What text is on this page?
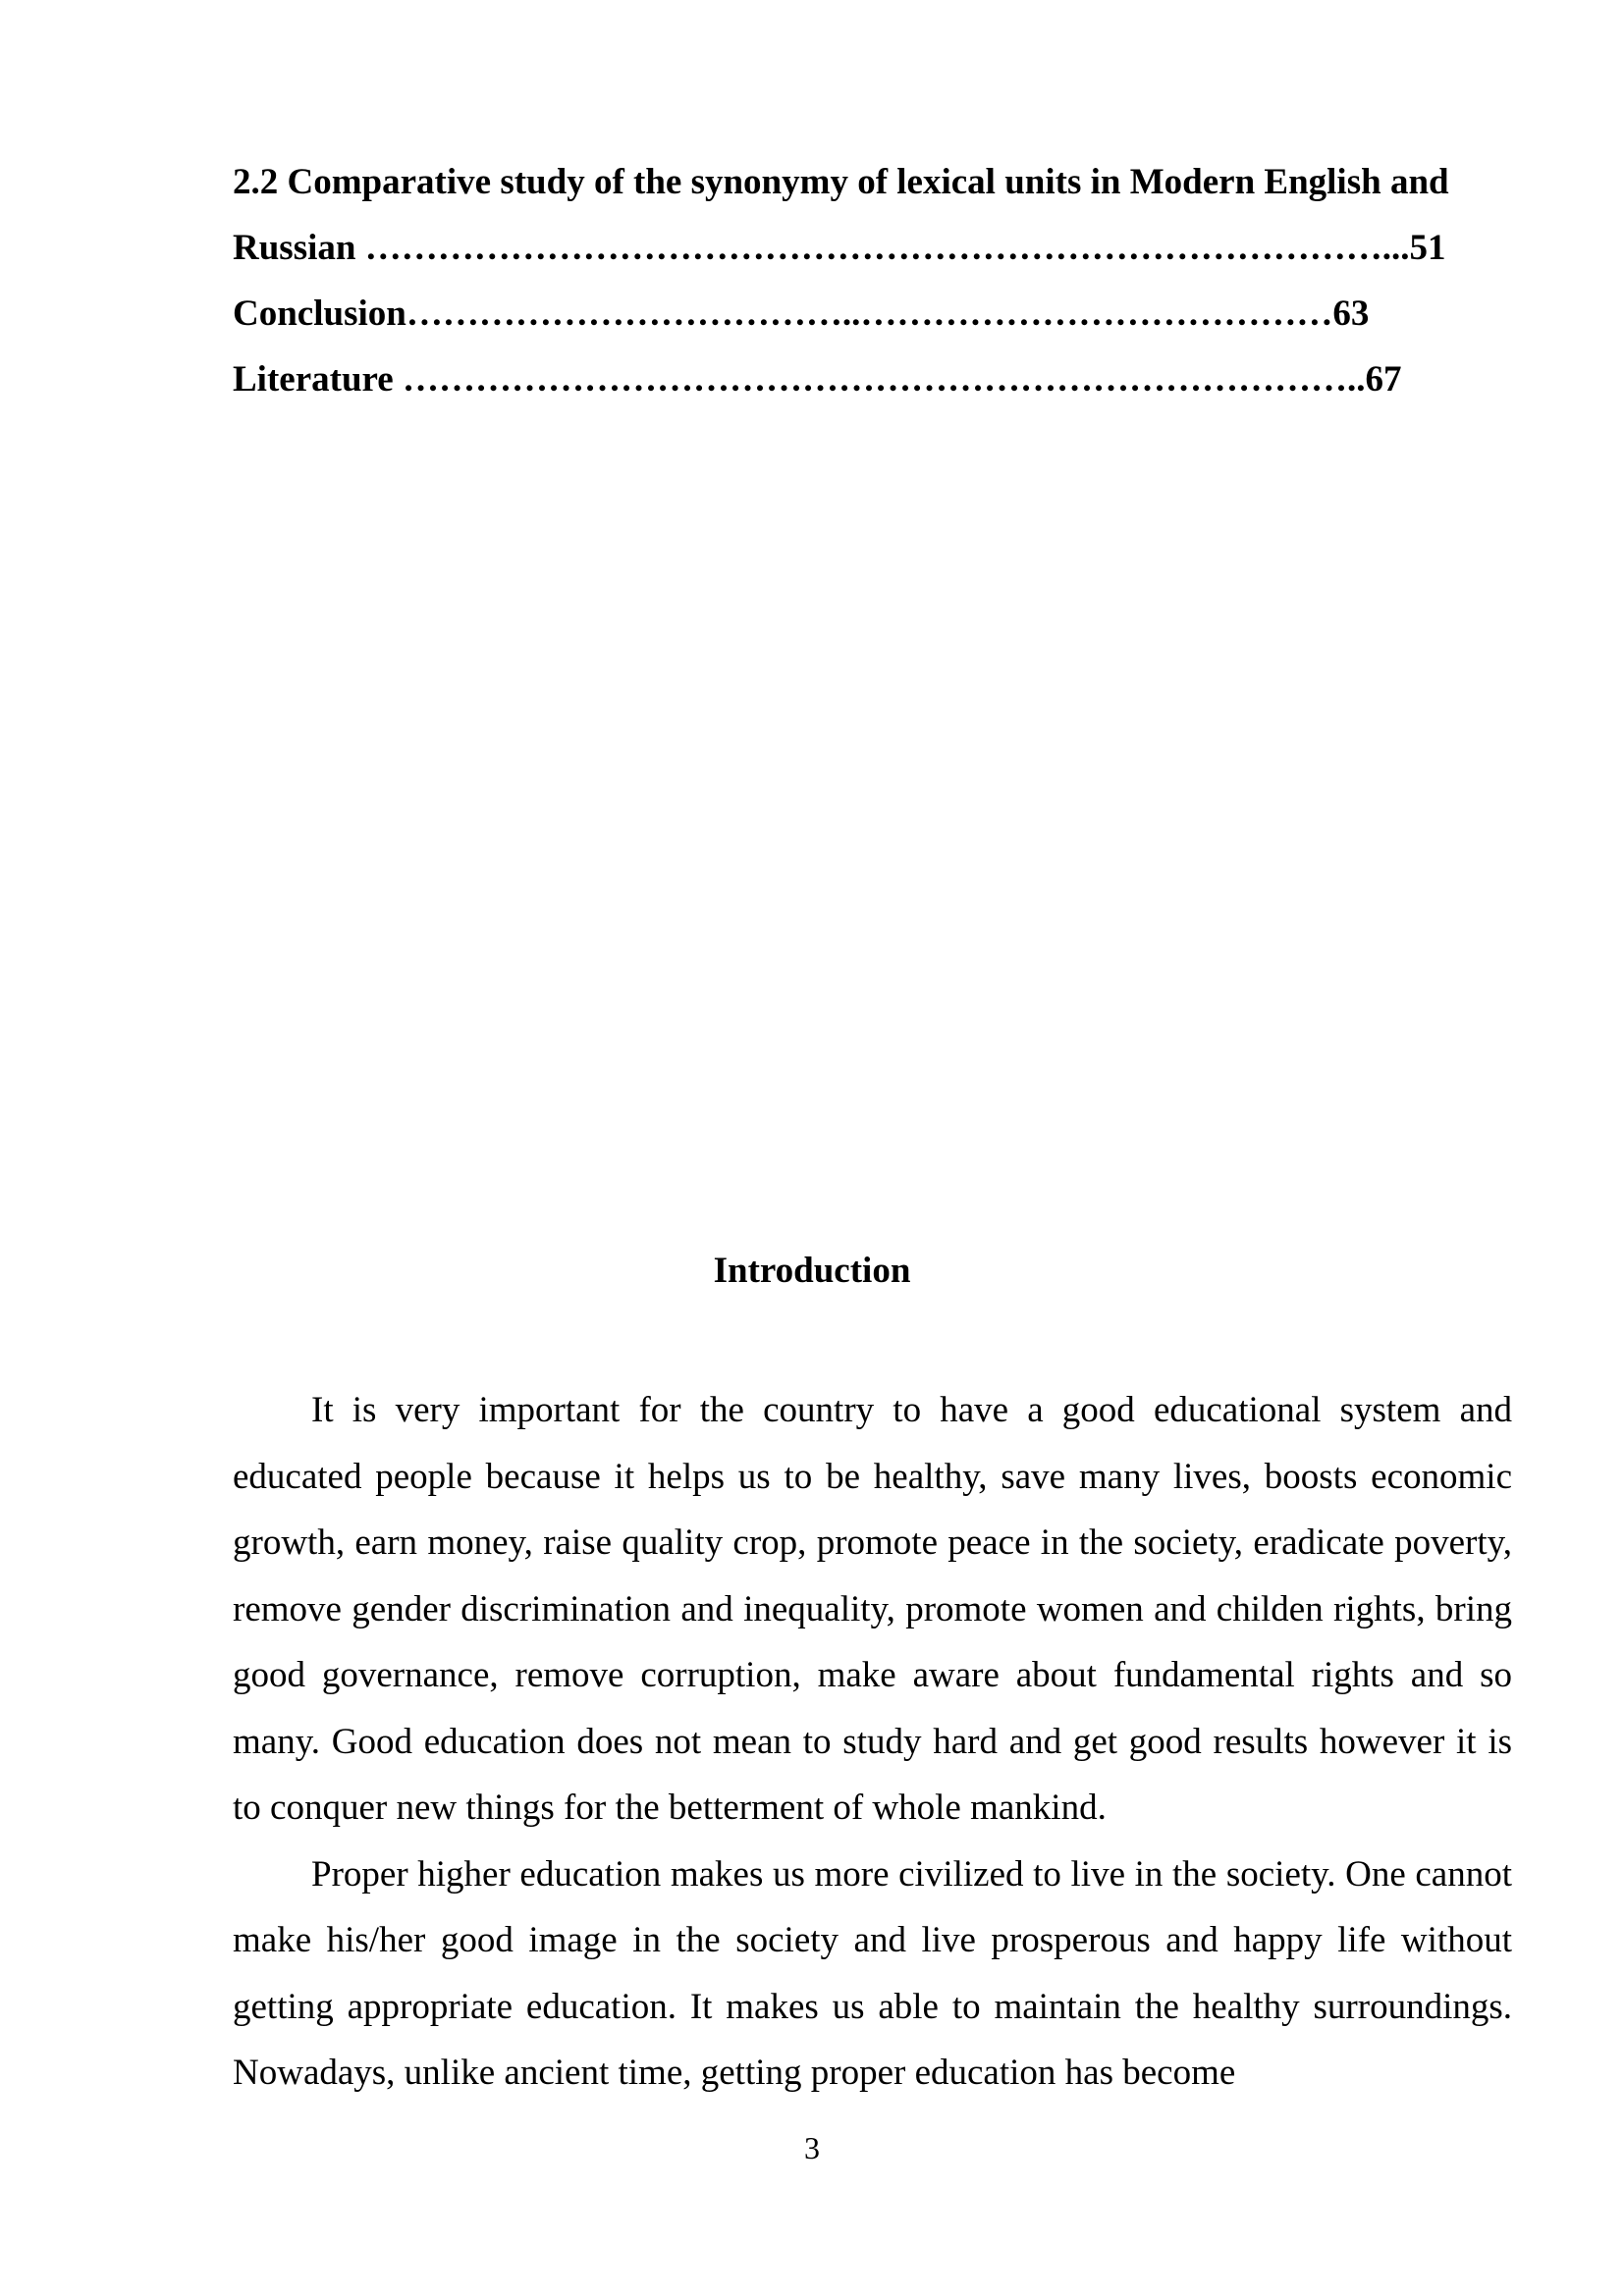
2.2 Comparative study of the synonymy of lexical units in Modern English and
Russian …………………………………………………………………………...51
Conclusion………………………………..…………………………………63
Literature ……………………………………………………………………..67
Introduction

It is very important for the country to have a good educational system and educated people because it helps us to be healthy, save many lives, boosts economic growth, earn money, raise quality crop, promote peace in the society, eradicate poverty, remove gender discrimination and inequality, promote women and childen rights, bring good governance, remove corruption, make aware about fundamental rights and so many. Good education does not mean to study hard and get good results however it is to conquer new things for the betterment of whole mankind.

Proper higher education makes us more civilized to live in the society. One cannot make his/her good image in the society and live prosperous and happy life without getting appropriate education. It makes us able to maintain the healthy surroundings. Nowadays, unlike ancient time, getting proper education has become

3
